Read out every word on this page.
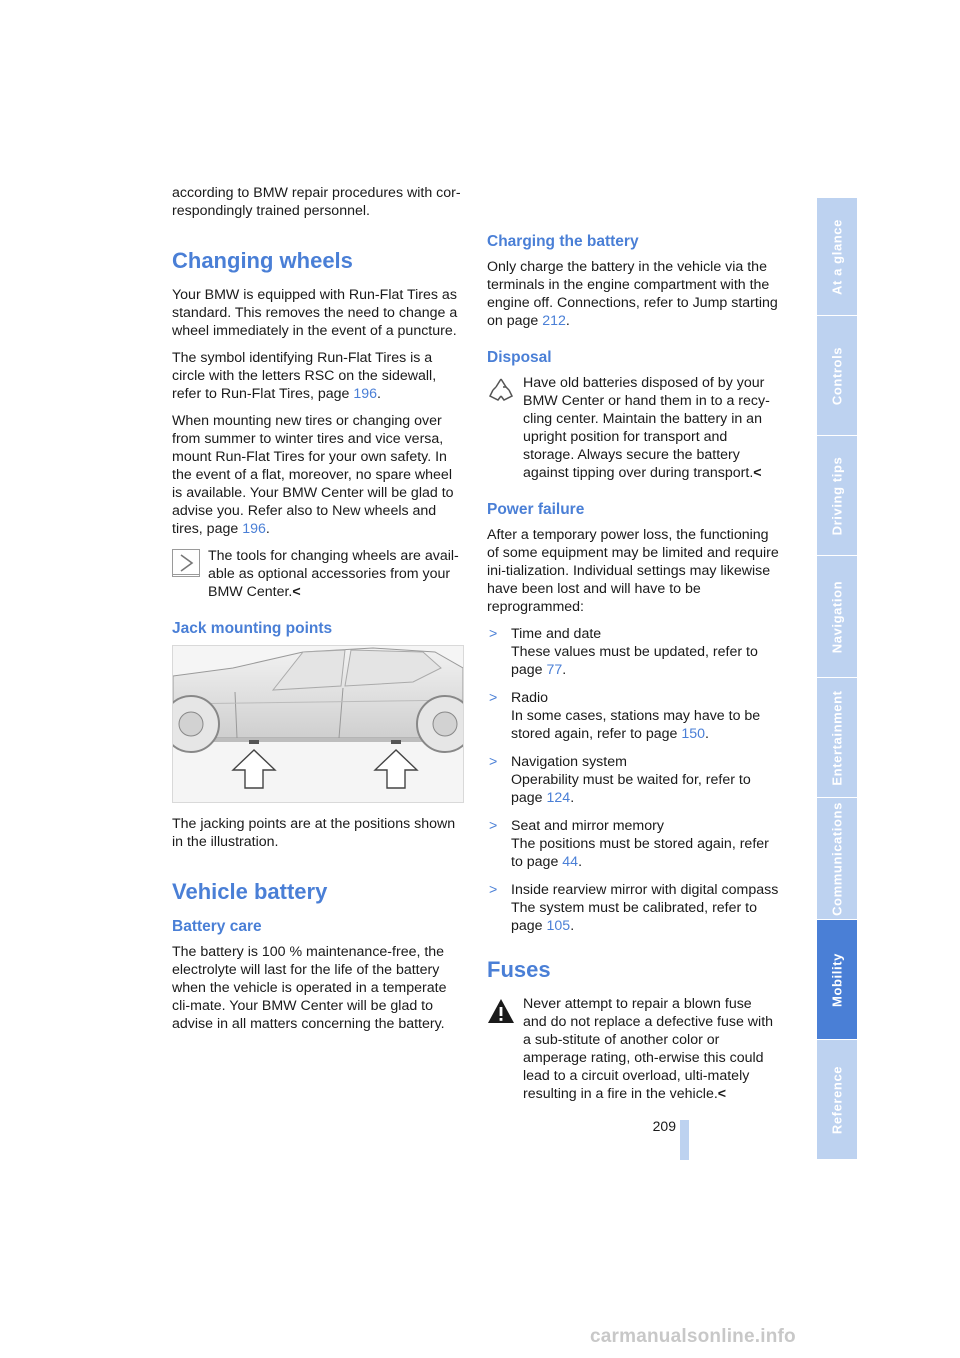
according to BMW repair procedures with cor-respondingly trained personnel.

Changing wheels

Your BMW is equipped with Run-Flat Tires as standard. This removes the need to change a wheel immediately in the event of a puncture.

The symbol identifying Run-Flat Tires is a circle with the letters RSC on the sidewall, refer to Run-Flat Tires, page 196.

When mounting new tires or changing over from summer to winter tires and vice versa, mount Run-Flat Tires for your own safety. In the event of a flat, moreover, no spare wheel is available. Your BMW Center will be glad to advise you. Refer also to New wheels and tires, page 196.

The tools for changing wheels are avail-able as optional accessories from your BMW Center.<

Jack mounting points

The jacking points are at the positions shown in the illustration.

Vehicle battery
Battery care

The battery is 100 % maintenance-free, the electrolyte will last for the life of the battery when the vehicle is operated in a temperate cli-mate. Your BMW Center will be glad to advise in all matters concerning the battery.

Charging the battery

Only charge the battery in the vehicle via the terminals in the engine compartment with the engine off. Connections, refer to Jump starting on page 212.

Disposal

Have old batteries disposed of by your BMW Center or hand them in to a recy-cling center. Maintain the battery in an upright position for transport and storage. Always secure the battery against tipping over during transport.<

Power failure

After a temporary power loss, the functioning of some equipment may be limited and require ini-tialization. Individual settings may likewise have been lost and will have to be reprogrammed:

> Time and date
These values must be updated, refer to page 77.
> Radio
In some cases, stations may have to be stored again, refer to page 150.
> Navigation system
Operability must be waited for, refer to page 124.
> Seat and mirror memory
The positions must be stored again, refer to page 44.
> Inside rearview mirror with digital compass
The system must be calibrated, refer to page 105.
Fuses

Never attempt to repair a blown fuse and do not replace a defective fuse with a sub-stitute of another color or amperage rating, oth-erwise this could lead to a circuit overload, ulti-mately resulting in a fire in the vehicle.<

At a glance
Controls
Driving tips
Navigation
Entertainment
Communications
Mobility
Reference
209
carmanualsonline.info
